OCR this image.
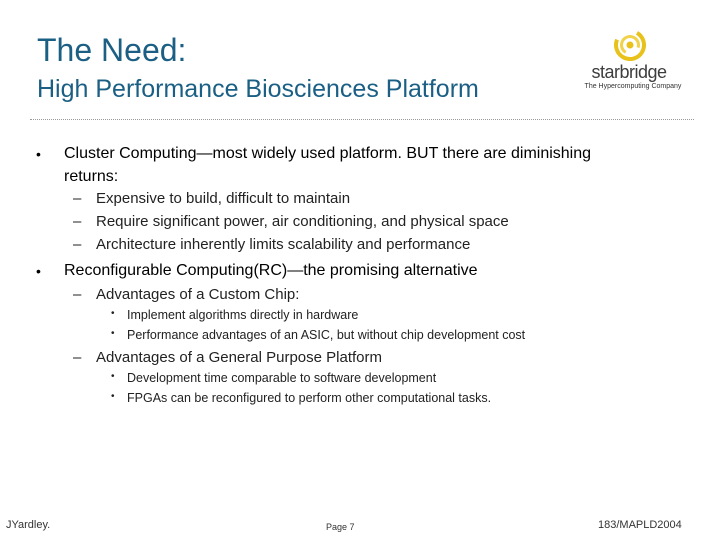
The Need:
High Performance Biosciences Platform
starbridge
The Hypercomputing Company
• Cluster Computing—most widely used platform. BUT there are diminishing
returns:
– Expensive to build, difficult to maintain
– Require significant power, air conditioning, and physical space
– Architecture inherently limits scalability and performance
• Reconfigurable Computing(RC)—the promising alternative
– Advantages of a Custom Chip:
• Implement algorithms directly in hardware
• Performance advantages of an ASIC, but without chip development cost
– Advantages of a General Purpose Platform
• Development time comparable to software development
• FPGAs can be reconfigured to perform other computational tasks.
JYardley.	Page 7	183/MAPLD2004
